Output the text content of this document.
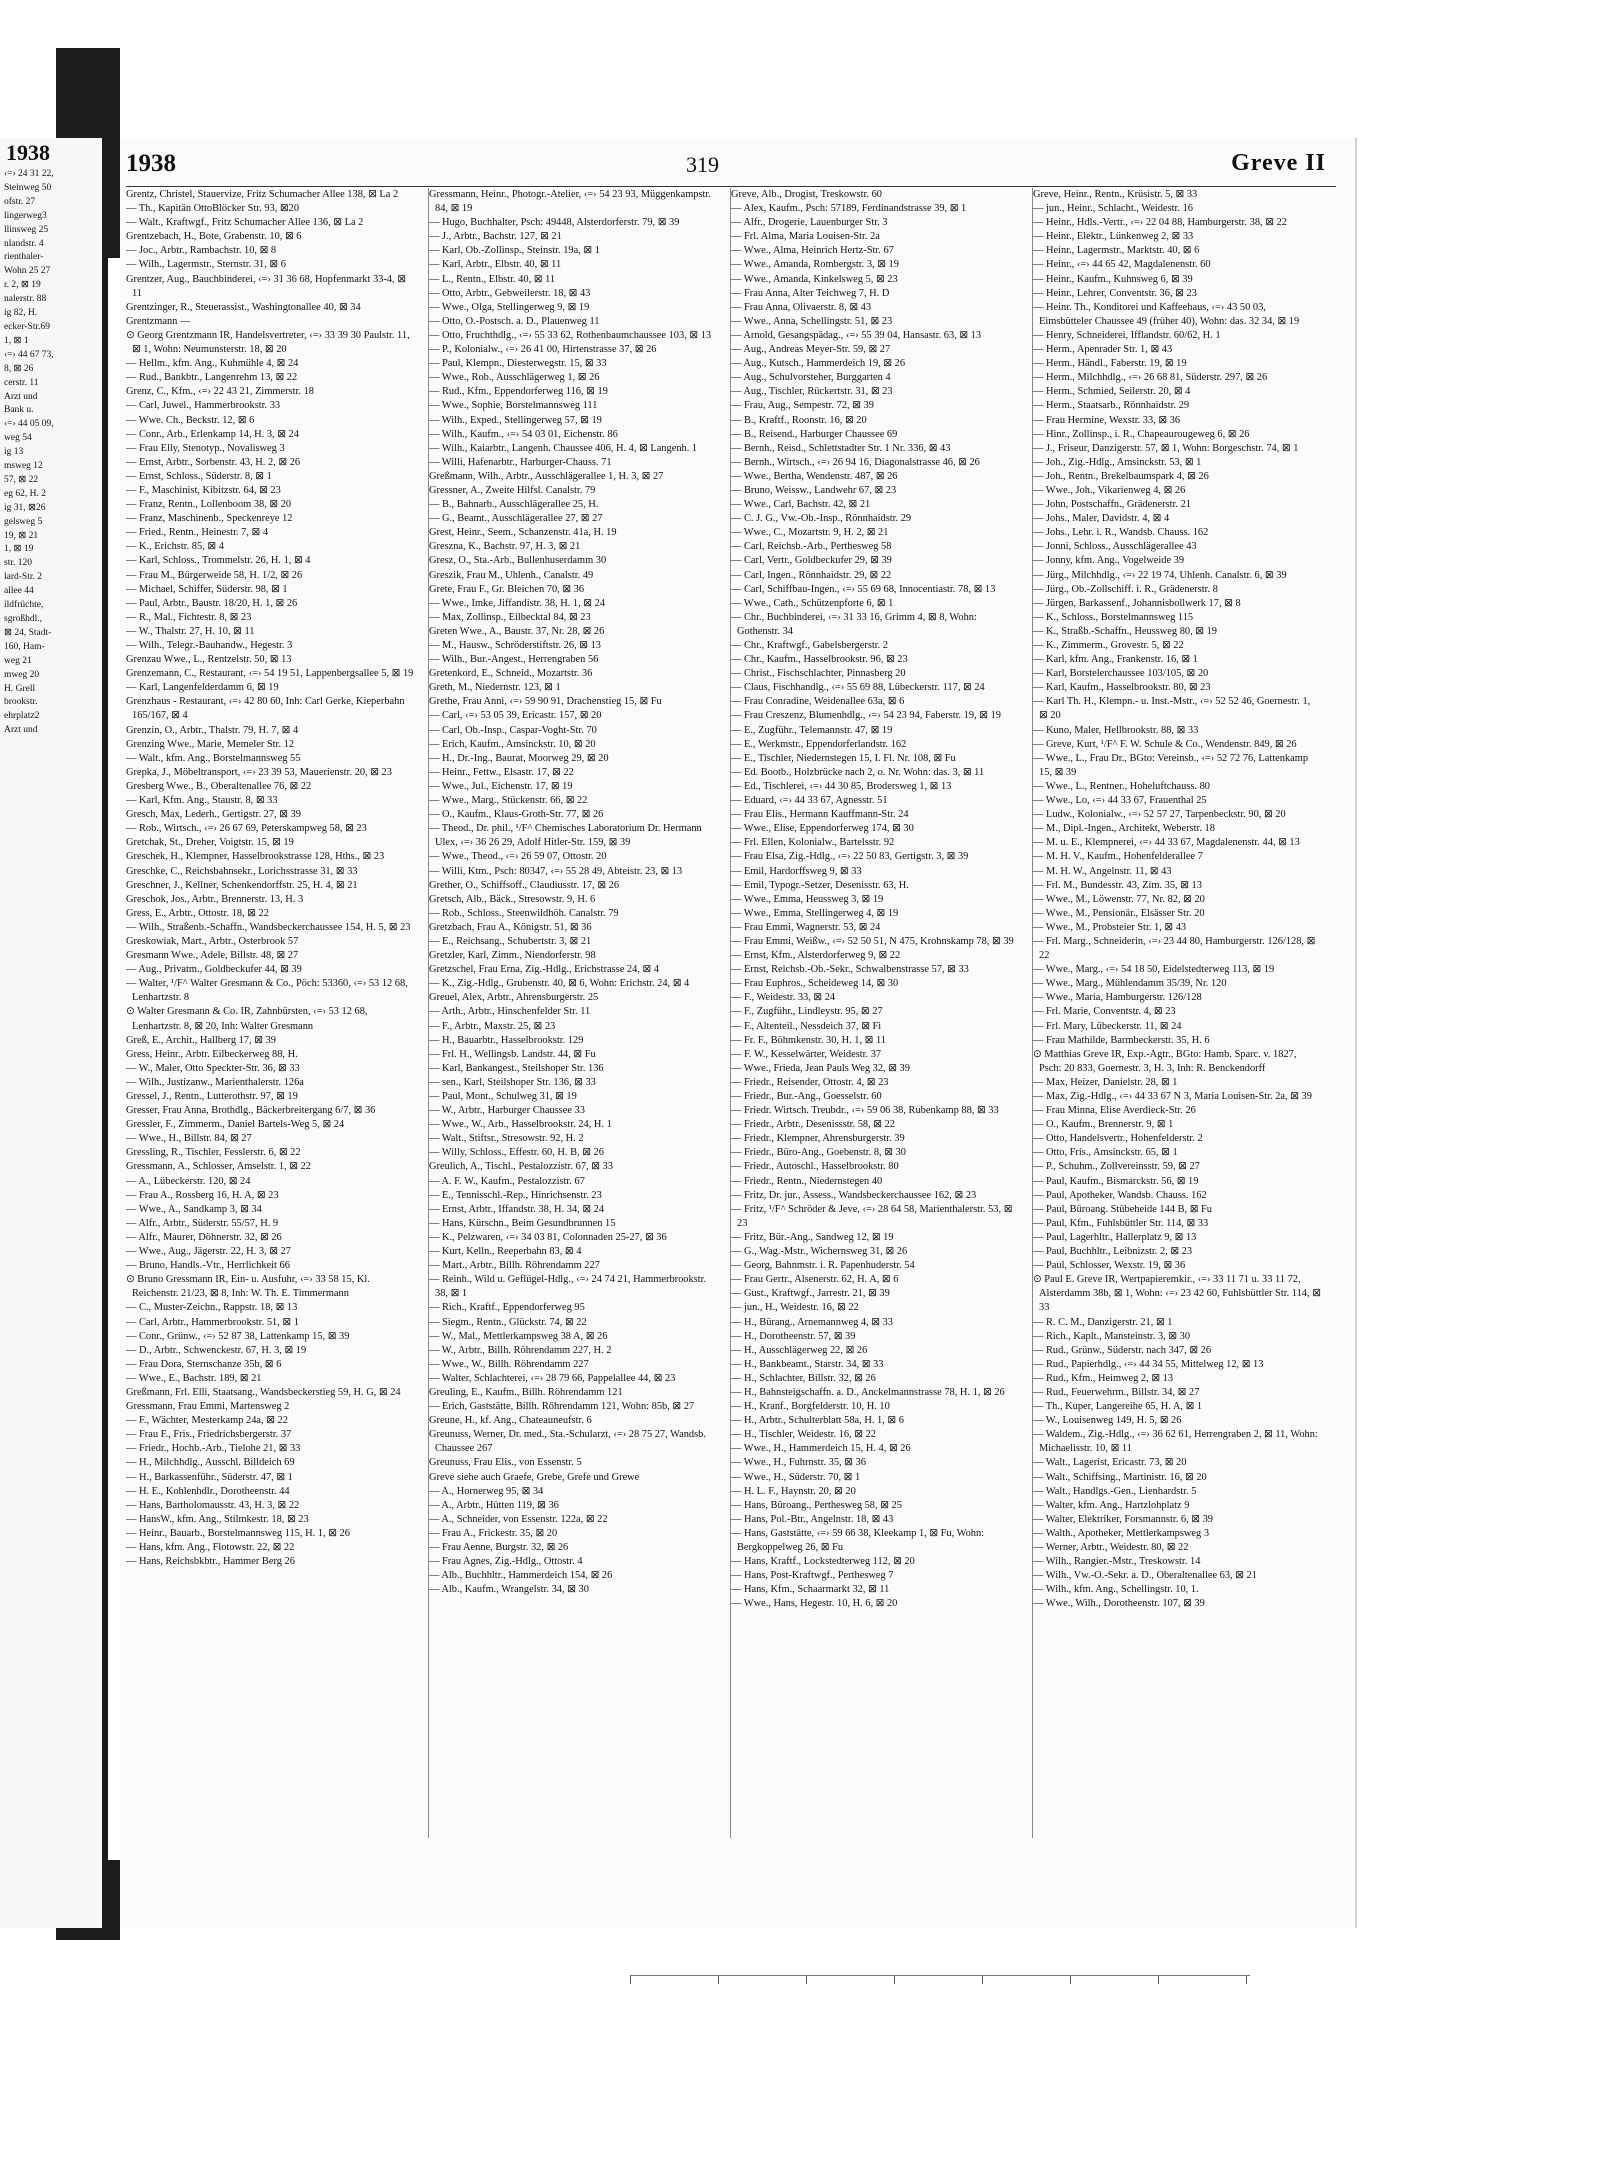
1938
‹=› 24 31 22,
Steinweg 50
ofstr. 27
lingerweg3
llinsweg 25
nlandstr. 4
rienthaler-
Wohn 25 27
r. 2, ⊠ 19
nalerstr. 88
ig 82, H.
ecker-Str.69
1, ⊠ 1
‹=› 44 67 73,
8, ⊠ 26
cerstr. 11
Arzt und
Bank u.
‹=› 44 05 09,
weg 54
ig 13
msweg 12
57, ⊠ 22
eg 62, H. 2
ig 31, ⊠26
gelsweg 5
19, ⊠ 21
1, ⊠ 19
str. 120
lard-Str. 2
allee 44
ildfrüchte,
sgroßhdl.,
⊠ 24, Stadt-
160, Ham-
weg 21
mweg 20
H. Grell
brookstr.
ehrplatz2
Arzt und
1938	319	Greve II
Grentz, Christel, Stauervize, Fritz Schumacher Allee 138, ⊠ La 2
— Th., Kapitän OttoBlöcker Str. 93, ⊠20
— Walt., Kraftwgf., Fritz Schumacher Allee 136, ⊠ La 2
Grentzebach, H., Bote, Grabenstr. 10, ⊠ 6
— Joc., Arbtr., Rambachstr. 10, ⊠ 8
— Wilh., Lagermstr., Sternstr. 31, ⊠ 6
Grentzer, Aug., Bauchbinderei, ‹=› 31 36 68, Hopfenmarkt 33-4, ⊠ 11
Grentzinger, R., Steuerassist., Washingtonallee 40, ⊠ 34
Grentzmann —
⊙ Georg Grentzmann IR, Handelsvertreter, ‹=› 33 39 30 Paulstr. 11, ⊠ 1, Wohn: Neumunsterstr. 18, ⊠ 20
— Hellm., kfm. Ang., Kuhmühle 4, ⊠ 24
— Rud., Bankbtr., Langenrehm 13, ⊠ 22
Grenz, C., Kfm., ‹=› 22 43 21, Zimmerstr. 18
— Carl, Juwel., Hammerbrookstr. 33
— Wwe. Ch., Beckstr. 12, ⊠ 6
— Conr., Arb., Erlenkamp 14, H. 3, ⊠ 24
— Frau Elly, Stenotyp., Novalisweg 3
— Ernst, Arbtr., Sorbenstr. 43, H. 2, ⊠ 26
— Ernst, Schloss., Süderstr. 8, ⊠ 1
— F., Maschinist, Kibitzstr. 64, ⊠ 23
— Franz, Rentn., Lollenboom 38, ⊠ 20
— Franz, Maschinenb., Speckenreye 12
— Fried., Rentn., Heinestr. 7, ⊠ 4
— K., Erichstr. 85, ⊠ 4
— Karl, Schloss., Trommelstr. 26, H. 1, ⊠ 4
— Frau M., Bürgerweide 58, H. 1/2, ⊠ 26
— Michael, Schiffer, Süderstr. 98, ⊠ 1
— Paul, Arbtr., Baustr. 18/20, H. 1, ⊠ 26
— R., Mal., Fichtestr. 8, ⊠ 23
— W., Thalstr. 27, H. 10, ⊠ 11
— Wilh., Telegr.-Bauhandw., Hegestr. 3
Grenzau Wwe., L., Rentzelstr. 50, ⊠ 13
Grenzemann, C., Restaurant, ‹=› 54 19 51, Lappenbergsallee 5, ⊠ 19
— Karl, Langenfelderdamm 6, ⊠ 19
Grenzhaus - Restaurant, ‹=› 42 80 60, Inh: Carl Gerke, Kieperbahn 165/167, ⊠ 4
Grenzin, O., Arbtr., Thalstr. 79, H. 7, ⊠ 4
Grenzing Wwe., Marie, Memeler Str. 12
— Walt., kfm. Ang., Borstelmannsweg 55
Grepka, J., Möbeltransport, ‹=› 23 39 53, Mauerienstr. 20, ⊠ 23
Gresberg Wwe., B., Oberaltenallee 76, ⊠ 22
— Karl, Kfm. Ang., Staustr. 8, ⊠ 33
Gresch, Max, Lederh., Gertigstr. 27, ⊠ 39
— Rob., Wirtsch., ‹=› 26 67 69, Peterskampweg 58, ⊠ 23
Gretchak, St., Dreher, Voigtstr. 15, ⊠ 19
Greschek, H., Klempner, Hasselbrookstrasse 128, Hths., ⊠ 23
Greschke, C., Reichsbahnsekr., Lorichsstrasse 31, ⊠ 33
Greschner, J., Kellner, Schenkendorffstr. 25, H. 4, ⊠ 21
Greschok, Jos., Arbtr., Brennerstr. 13, H. 3
Gress, E., Arbtr., Ottostr. 18, ⊠ 22
— Wilh., Straßenb.-Schaffn., Wandsbeckerchaussee 154, H. 5, ⊠ 23
Greskowiak, Mart., Arbtr., Osterbrook 57
Gresmann Wwe., Adele, Billstr. 48, ⊠ 27
— Aug., Privatm., Goldbeckufer 44, ⊠ 39
— Walter, ¹/F^ Walter Gresmann & Co., Pöch: 53360, ‹=› 53 12 68, Lenhartzstr. 8
⊙ Walter Gresmann & Co. IR, Zahnbürsten, ‹=› 53 12 68, Lenhartzstr. 8, ⊠ 20, Inh: Walter Gresmann
Greß, E., Archit., Hallberg 17, ⊠ 39
Gress, Heinr., Arbtr. Eilbeckerweg 88, H.
— W., Maler, Otto Speckter-Str. 36, ⊠ 33
— Wilh., Justizanw., Marienthalerstr. 126a
Gressel, J., Rentn., Lutterothstr. 97, ⊠ 19
Gresser, Frau Anna, Brothdlg., Bäckerbreitergang 6/7, ⊠ 36
Gressler, F., Zimmerm., Daniel Bartels-Weg 5, ⊠ 24
— Wwe., H., Billstr. 84, ⊠ 27
Gressling, R., Tischler, Fesslerstr. 6, ⊠ 22
Gressmann, A., Schlosser, Amselstr. 1, ⊠ 22
— A., Lübeckerstr. 120, ⊠ 24
— Frau A., Rossberg 16, H. A, ⊠ 23
— Wwe., A., Sandkamp 3, ⊠ 34
— Alfr., Arbtr., Süderstr. 55/57, H. 9
— Alfr., Maurer, Döhnerstr. 32, ⊠ 26
— Wwe., Aug., Jägerstr. 22, H. 3, ⊠ 27
— Bruno, Handls.-Vtr., Herrlichkeit 66
⊙ Bruno Gressmann IR, Ein- u. Ausfuhr, ‹=› 33 58 15, Kl. Reichenstr. 21/23, ⊠ 8, Inh: W. Th. E. Timmermann
— C., Muster-Zeichn., Rappstr. 18, ⊠ 13
— Carl, Arbtr., Hammerbrookstr. 51, ⊠ 1
— Conr., Grünw., ‹=› 52 87 38, Lattenkamp 15, ⊠ 39
— D., Arbtr., Schwenckestr. 67, H. 3, ⊠ 19
— Frau Dora, Sternschanze 35b, ⊠ 6
— Wwe., E., Bachstr. 189, ⊠ 21
Greßmann, Frl. Elli, Staatsang., Wandsbeckerstieg 59, H. G, ⊠ 24
Gressmann, Frau Emmi, Martensweg 2
— F., Wächter, Mesterkamp 24a, ⊠ 22
— Frau F., Fris., Friedrichsbergerstr. 37
— Friedr., Hochb.-Arb., Tielohe 21, ⊠ 33
— H., Milchhdlg., Ausschl. Billdeich 69
— H., Barkassenführ., Süderstr. 47, ⊠ 1
— H. E., Kohlenhdlr., Dorotheenstr. 44
— Hans, Bartholomausstr. 43, H. 3, ⊠ 22
— HansW., kfm. Ang., Stilmkestr. 18, ⊠ 23
— Heinr., Bauarb., Borstelmannsweg 115, H. 1, ⊠ 26
— Hans, kfm. Ang., Flotowstr. 22, ⊠ 22
— Hans, Reichsbkbtr., Hammer Berg 26
Gressmann, Heinr., Photogr.-Atelier, ‹=› 54 23 93, Müggenkampstr. 84, ⊠ 19
— Hugo, Buchhalter, Psch: 49448, Alsterdorferstr. 79, ⊠ 39
— J., Arbtr., Bachstr. 127, ⊠ 21
— Karl, Ob.-Zollinsp., Steinstr. 19a, ⊠ 1
— Karl, Arbtr., Elbstr. 40, ⊠ 11
— L., Rentn., Elbstr. 40, ⊠ 11
— Otto, Arbtr., Gebweilerstr. 18, ⊠ 43
— Wwe., Olga, Stellingerweg 9, ⊠ 19
— Otto, O.-Postsch. a. D., Plauenweg 11
— Otto, Fruchthdlg., ‹=› 55 33 62, Rothenbaumchaussee 103, ⊠ 13
— P., Kolonialw., ‹=› 26 41 00, Hirtenstrasse 37, ⊠ 26
— Paul, Klempn., Diesterwegstr. 15, ⊠ 33
— Wwe., Rob., Ausschlägerweg 1, ⊠ 26
— Rud., Kfm., Eppendorferweg 116, ⊠ 19
— Wwe., Sophie, Borstelmannsweg 111
— Wilh., Exped., Stellingerweg 57, ⊠ 19
— Wilh., Kaufm., ‹=› 54 03 01, Eichenstr. 86
— Wilh., Kaiarbtr., Langenh. Chaussee 406, H. 4, ⊠ Langenh. 1
— Willi, Hafenarbtr., Harburger-Chauss. 71
Greßmann, Wilh., Arbtr., Ausschlägerallee 1, H. 3, ⊠ 27
Gressner, A., Zweite Hilfsl. Canalstr. 79
— B., Bahnarb., Ausschlägerallee 25, H.
— G., Beamt., Ausschlägerallee 27, ⊠ 27
Grest, Heinr., Seem., Schanzenstr. 41a, H. 19
Greszna, K., Bachstr. 97, H. 3, ⊠ 21
Gresz, O., Sta.-Arb., Bullenhuserdamm 30
Greszik, Frau M., Uhlenh., Canalstr. 49
Grete, Frau F., Gr. Bleichen 70, ⊠ 36
— Wwe., Imke, Jiffandistr. 38, H. 1, ⊠ 24
— Max, Zollinsp., Eilbecktal 84, ⊠ 23
Greten Wwe., A., Baustr. 37, Nr. 28, ⊠ 26
— M., Hausw., Schröderstiftstr. 26, ⊠ 13
— Wilh., Bur.-Angest., Herrengraben 56
Gretenkord, E., Schneid., Mozartstr. 36
Greth, M., Niedernstr. 123, ⊠ 1
Grethe, Frau Anni, ‹=› 59 90 91, Drachenstieg 15, ⊠ Fu
— Carl, ‹=› 53 05 39, Ericastr. 157, ⊠ 20
— Carl, Ob.-Insp., Caspar-Voght-Str. 70
— Erich, Kaufm., Amsinckstr. 10, ⊠ 20
— H., Dr.-Ing., Baurat, Moorweg 29, ⊠ 20
— Heinr., Fettw., Elsastr. 17, ⊠ 22
— Wwe., Jul., Eichenstr. 17, ⊠ 19
— Wwe., Marg., Stückenstr. 66, ⊠ 22
— O., Kaufm., Klaus-Groth-Str. 77, ⊠ 26
— Theod., Dr. phil., ¹/F^ Chemisches Laboratorium Dr. Hermann Ulex, ‹=› 36 26 29, Adolf Hitler-Str. 159, ⊠ 39
— Wwe., Theod., ‹=› 26 59 07, Ottostr. 20
— Willi, Ktm., Psch: 80347, ‹=› 55 28 49, Abteistr. 23, ⊠ 13
Grether, O., Schiffsoff., Claudiusstr. 17, ⊠ 26
Gretsch, Alb., Bäck., Stresowstr. 9, H. 6
— Rob., Schloss., Steenwildhöh. Canalstr. 79
Gretzbach, Frau A., Königstr. 51, ⊠ 36
— E., Reichsang., Schubertstr. 3, ⊠ 21
Gretzler, Karl, Zimm., Niendorferstr. 98
Gretzschel, Frau Erna, Zig.-Hdlg., Erichstrasse 24, ⊠ 4
— K., Zig.-Hdlg., Grubenstr. 40, ⊠ 6, Wohn: Erichstr. 24, ⊠ 4
Greuel, Alex, Arbtr., Ahrensburgerstr. 25
— Arth., Arbtr., Hinschenfelder Str. 11
— F., Arbtr., Maxstr. 25, ⊠ 23
— H., Bauarbtr., Hasselbrookstr. 129
— Frl. H., Wellingsb. Landstr. 44, ⊠ Fu
— Karl, Bankangest., Steilshoper Str. 136
— sen., Karl, Steilshoper Str. 136, ⊠ 33
— Paul, Mont., Schulweg 31, ⊠ 19
— W., Arbtr., Harburger Chaussee 33
— Wwe., W., Arb., Hasselbrookstr. 24, H. 1
— Walt., Stiftsr., Stresowstr. 92, H. 2
— Willy, Schloss., Effestr. 60, H. B, ⊠ 26
Greulich, A., Tischl., Pestalozzistr. 67, ⊠ 33
— A. F. W., Kaufm., Pestalozzistr. 67
— E., Tennisschl.-Rep., Hinrichsenstr. 23
— Ernst, Arbtr., Iffandstr. 38, H. 34, ⊠ 24
— Hans, Kürschn., Beim Gesundbrunnen 15
— K., Pelzwaren, ‹=› 34 03 81, Colonnaden 25-27, ⊠ 36
— Kurt, Kelln., Reeperbahn 83, ⊠ 4
— Mart., Arbtr., Billh. Röhrendamm 227
— Reinh., Wild u. Geflügel-Hdlg., ‹=› 24 74 21, Hammerbrookstr. 38, ⊠ 1
— Rich., Kraftf., Eppendorferweg 95
— Siegm., Rentn., Glückstr. 74, ⊠ 22
— W., Mal., Mettlerkampsweg 38 A, ⊠ 26
— W., Arbtr., Billh. Röhrendamm 227, H. 2
— Wwe., W., Billh. Röhrendamm 227
— Walter, Schlachterei, ‹=› 28 79 66, Pappelallee 44, ⊠ 23
Greuling, E., Kaufm., Billh. Röhrendamm 121
— Erich, Gaststätte, Billh. Röhrendamm 121, Wohn: 85b, ⊠ 27
Greune, H., kf. Ang., Chateauneufstr. 6
Greunuss, Werner, Dr. med., Sta.-Schularzt, ‹=› 28 75 27, Wandsb. Chaussee 267
Greunuss, Frau Elis., von Essenstr. 5
Greve siehe auch Graefe, Grebe, Grefe und Grewe
— A., Hornerweg 95, ⊠ 34
— A., Arbtr., Hütten 119, ⊠ 36
— A., Schneider, von Essenstr. 122a, ⊠ 22
— Frau A., Frickestr. 35, ⊠ 20
— Frau Aenne, Burgstr. 32, ⊠ 26
— Frau Agnes, Zig.-Hdlg., Ottostr. 4
— Alb., Buchhltr., Hammerdeich 154, ⊠ 26
— Alb., Kaufm., Wrangelstr. 34, ⊠ 30
Greve, Alb., Drogist, Treskowstr. 60
— Alex, Kaufm., Psch: 57189, Ferdinandstrasse 39, ⊠ 1
— Alfr., Drogerie, Lauenburger Str. 3
— Frl. Alma, Maria Louisen-Str. 2a
— Wwe., Alma, Heinrich Hertz-Str. 67
— Wwe., Amanda, Rombergstr. 3, ⊠ 19
— Wwe., Amanda, Kinkelsweg 5, ⊠ 23
— Frau Anna, Alter Teichweg 7, H. D
— Frau Anna, Olivaerstr. 8, ⊠ 43
— Wwe., Anna, Schellingstr. 51, ⊠ 23
— Arnold, Gesangspädag., ‹=› 55 39 04, Hansastr. 63, ⊠ 13
— Aug., Andreas Meyer-Str. 59, ⊠ 27
— Aug., Kutsch., Hammerdeich 19, ⊠ 26
— Aug., Schulvorsteher, Burggarten 4
— Aug., Tischler, Rückertstr. 31, ⊠ 23
— Frau, Aug., Sempestr. 72, ⊠ 39
— B., Kraftf., Roonstr. 16, ⊠ 20
— B., Reisend., Harburger Chaussee 69
— Bernh., Reisd., Schlettstadter Str. 1 Nr. 336, ⊠ 43
— Bernh., Wirtsch., ‹=› 26 94 16, Diagonalstrasse 46, ⊠ 26
— Wwe., Bertha, Wendenstr. 487, ⊠ 26
— Bruno, Weissw., Landwehr 67, ⊠ 23
— Wwe., Carl, Bachstr. 42, ⊠ 21
— C. J. G., Vw.-Ob.-Insp., Rönnhaidstr. 29
— Wwe., C., Mozartstr. 9, H. 2, ⊠ 21
— Carl, Reichsb.-Arb., Perthesweg 58
— Carl, Vertr., Goldbeckufer 29, ⊠ 39
— Carl, Ingen., Rönnhaidstr. 29, ⊠ 22
— Carl, Schiffbau-Ingen., ‹=› 55 69 68, Innocentiastr. 78, ⊠ 13
— Wwe., Cath., Schützenpforte 6, ⊠ 1
— Chr., Buchbinderei, ‹=› 31 33 16, Grimm 4, ⊠ 8, Wohn: Gothenstr. 34
— Chr., Kraftwgf., Gabelsbergerstr. 2
— Chr., Kaufm., Hasselbrookstr. 96, ⊠ 23
— Christ., Fischschlachter, Pinnasberg 20
— Claus, Fischhandlg., ‹=› 55 69 88, Lübeckerstr. 117, ⊠ 24
— Frau Conradine, Weidenallee 63a, ⊠ 6
— Frau Creszenz, Blumenhdlg., ‹=› 54 23 94, Faberstr. 19, ⊠ 19
— E., Zugführ., Telemannstr. 47, ⊠ 19
— E., Werkmstr., Eppendorferlandstr. 162
— E., Tischler, Niedernstegen 15, I. Fl. Nr. 108, ⊠ Fu
— Ed. Bootb., Holzbrücke nach 2, o. Nr. Wohn: das. 3, ⊠ 11
— Ed., Tischlerei, ‹=› 44 30 85, Brodersweg 1, ⊠ 13
— Eduard, ‹=› 44 33 67, Agnesstr. 51
— Frau Elis., Hermann Kauffmann-Str. 24
— Wwe., Elise, Eppendorferweg 174, ⊠ 30
— Frl. Ellen, Kolonialw., Bartelsstr. 92
— Frau Elsa, Zig.-Hdlg., ‹=› 22 50 83, Gertigstr. 3, ⊠ 39
— Emil, Hardorffsweg 9, ⊠ 33
— Emil, Typogr.-Setzer, Desenisstr. 63, H.
— Wwe., Emma, Heussweg 3, ⊠ 19
— Wwe., Emma, Stellingerweg 4, ⊠ 19
— Frau Emmi, Wagnerstr. 53, ⊠ 24
— Frau Emmi, Weißw., ‹=› 52 50 51, N 475, Krohnskamp 78, ⊠ 39
— Ernst, Kfm., Alsterdorferweg 9, ⊠ 22
— Ernst, Reichsb.-Ob.-Sekr., Schwalbenstrasse 57, ⊠ 33
— Frau Euphros., Scheideweg 14, ⊠ 30
— F., Weidestr. 33, ⊠ 24
— F., Zugführ., Lindleystr. 95, ⊠ 27
— F., Altenteil., Nessdeich 37, ⊠ Fi
— Fr. F., Böhmkenstr. 30, H. 1, ⊠ 11
— F. W., Kesselwärter, Weidestr. 37
— Wwe., Frieda, Jean Pauls Weg 32, ⊠ 39
— Friedr., Reisender, Ottostr. 4, ⊠ 23
— Friedr., Bur.-Ang., Goesselstr. 60
— Friedr. Wirtsch. Treubdr., ‹=› 59 06 38, Rubenkamp 88, ⊠ 33
— Friedr., Arbtr., Desenissstr. 58, ⊠ 22
— Friedr., Klempner, Ahrensburgerstr. 39
— Friedr., Büro-Ang., Goebenstr. 8, ⊠ 30
— Friedr., Autoschl., Hasselbrookstr. 80
— Friedr., Rentn., Niedernstegen 40
— Fritz, Dr. jur., Assess., Wandsbeckerchaussee 162, ⊠ 23
— Fritz, ¹/F^ Schröder & Jeve, ‹=› 28 64 58, Marienthalerstr. 53, ⊠ 23
— Fritz, Bür.-Ang., Sandweg 12, ⊠ 19
— G., Wag.-Mstr., Wichernsweg 31, ⊠ 26
— Georg, Bahnmstr. i. R. Papenhuderstr. 54
— Frau Gertr., Alsenerstr. 62, H. A, ⊠ 6
— Gust., Kraftwgf., Jarrestr. 21, ⊠ 39
— jun., H., Weidestr. 16, ⊠ 22
— H., Bürang., Arnemannweg 4, ⊠ 33
— H., Dorotheenstr. 57, ⊠ 39
— H., Ausschlägerweg 22, ⊠ 26
— H., Bankbeamt., Starstr. 34, ⊠ 33
— H., Schlachter, Billstr. 32, ⊠ 26
— H., Bahnsteigschaffn. a. D., Anckelmannstrasse 78, H. 1, ⊠ 26
— H., Kranf., Borgfelderstr. 10, H. 10
— H., Arbtr., Schulterblatt 58a, H. 1, ⊠ 6
— H., Tischler, Weidestr. 16, ⊠ 22
— Wwe., H., Hammerdeich 15, H. 4, ⊠ 26
— Wwe., H., Fuhrnstr. 35, ⊠ 36
— Wwe., H., Süderstr. 70, ⊠ 1
— H. L. F., Haynstr. 20, ⊠ 20
— Hans, Büroang., Perthesweg 58, ⊠ 25
— Hans, Pol.-Btr., Angelnstr. 18, ⊠ 43
— Hans, Gaststätte, ‹=› 59 66 38, Kleekamp 1, ⊠ Fu, Wohn: Bergkoppelweg 26, ⊠ Fu
— Hans, Kraftf., Lockstedterweg 112, ⊠ 20
— Hans, Post-Kraftwgf., Perthesweg 7
— Hans, Kfm., Schaarmarkt 32, ⊠ 11
— Wwe., Hans, Hegestr. 10, H. 6, ⊠ 20
Greve, Heinr., Rentn., Krüsistr. 5, ⊠ 33
— jun., Heinr., Schlacht., Weidestr. 16
— Heinr., Hdls.-Vertr., ‹=› 22 04 88, Hamburgerstr. 38, ⊠ 22
— Heinr., Elektr., Lünkenweg 2, ⊠ 33
— Heinr., Lagermstr., Marktstr. 40, ⊠ 6
— Heinr., ‹=› 44 65 42, Magdalenenstr. 60
— Heinr., Kaufm., Kuhnsweg 6, ⊠ 39
— Heinr., Lehrer, Conventstr. 36, ⊠ 23
— Heinr. Th., Konditorei und Kaffeehaus, ‹=› 43 50 03, Eimsbütteler Chaussee 49 (früher 40), Wohn: das. 32 34, ⊠ 19
— Henry, Schneiderei, Ifflandstr. 60/62, H. 1
— Herm., Apenrader Str. 1, ⊠ 43
— Herm., Händl., Faberstr. 19, ⊠ 19
— Herm., Milchhdlg., ‹=› 26 68 81, Süderstr. 297, ⊠ 26
— Herm., Schmied, Seilerstr. 20, ⊠ 4
— Herm., Staatsarb., Rönnhaidstr. 29
— Frau Hermine, Wexstr. 33, ⊠ 36
— Hinr., Zollinsp., i. R., Chapeaurougeweg 6, ⊠ 26
— J., Friseur, Danzigerstr. 57, ⊠ 1, Wohn: Borgeschstr. 74, ⊠ 1
— Joh., Zig.-Hdlg., Amsinckstr. 53, ⊠ 1
— Joh., Rentn., Brekelbaumspark 4, ⊠ 26
— Wwe., Joh., Vikarienweg 4, ⊠ 26
— John, Postschaffn., Grädenerstr. 21
— Johs., Maler, Davidstr. 4, ⊠ 4
— Johs., Lehr. i. R., Wandsb. Chauss. 162
— Jonni, Schloss., Ausschlägerallee 43
— Jonny, kfm. Ang., Vogelweide 39
— Jürg., Milchhdlg., ‹=› 22 19 74, Uhlenh. Canalstr. 6, ⊠ 39
— Jürg., Ob.-Zollschiff. i. R., Grädenerstr. 8
— Jürgen, Barkassenf., Johannisbollwerk 17, ⊠ 8
— K., Schloss., Borstelmannsweg 115
— K., Straßb.-Schaffn., Heussweg 80, ⊠ 19
— K., Zimmerm., Grovestr. 5, ⊠ 22
— Karl, kfm. Ang., Frankenstr. 16, ⊠ 1
— Karl, Borstelerchaussee 103/105, ⊠ 20
— Karl, Kaufm., Hasselbrookstr. 80, ⊠ 23
— Karl Th. H., Klempn.- u. Inst.-Mstr., ‹=› 52 52 46, Goernestr. 1, ⊠ 20
— Kuno, Maler, Hellbrookstr. 88, ⊠ 33
— Greve, Kurt, ¹/F^ F. W. Schule & Co., Wendenstr. 849, ⊠ 26
— Wwe., L., Frau Dr., BGto: Vereinsb., ‹=› 52 72 76, Lattenkamp 15, ⊠ 39
— Wwe., L., Rentner., Hoheluftchauss. 80
— Wwe., Lo, ‹=› 44 33 67, Frauenthal 25
— Ludw., Kolonialw., ‹=› 52 57 27, Tarpenbeckstr. 90, ⊠ 20
— M., Dipl.-Ingen., Architekt, Weberstr. 18
— M. u. E., Klempnerei, ‹=› 44 33 67, Magdalenenstr. 44, ⊠ 13
— M. H. V., Kaufm., Hohenfelderallee 7
— M. H. W., Angelnstr. 11, ⊠ 43
— Frl. M., Bundesstr. 43, Zim. 35, ⊠ 13
— Wwe., M., Löwenstr. 77, Nr. 82, ⊠ 20
— Wwe., M., Pensionär., Elsässer Str. 20
— Wwe., M., Probsteier Str. 1, ⊠ 43
— Frl. Marg., Schneiderin, ‹=› 23 44 80, Hamburgerstr. 126/128, ⊠ 22
— Wwe., Marg., ‹=› 54 18 50, Eidelstedterweg 113, ⊠ 19
— Wwe., Marg., Mühlendamm 35/39, Nr. 120
— Wwe., Maria, Hamburgerstr. 126/128
— Frl. Marie, Conventstr. 4, ⊠ 23
— Frl. Mary, Lübeckerstr. 11, ⊠ 24
— Frau Mathilde, Barmbeckerstr. 35, H. 6
⊙ Matthias Greve IR, Exp.-Agtr., BGto: Hamb. Sparc. v. 1827, Psch: 20 833, Goernestr. 3, H. 3, Inh: R. Benckendorff
— Max, Heizer, Danielstr. 28, ⊠ 1
— Max, Zig.-Hdlg., ‹=› 44 33 67 N 3, Maria Louisen-Str. 2a, ⊠ 39
— Frau Minna, Elise Averdieck-Str. 26
— O., Kaufm., Brennerstr. 9, ⊠ 1
— Otto, Handelsvertr., Hohenfelderstr. 2
— Otto, Fris., Amsinckstr. 65, ⊠ 1
— P., Schuhm., Zollvereinsstr. 59, ⊠ 27
— Paul, Kaufm., Bismarckstr. 56, ⊠ 19
— Paul, Apotheker, Wandsb. Chauss. 162
— Paul, Büroang. Stübeheide 144 B, ⊠ Fu
— Paul, Kfm., Fuhlsbüttler Str. 114, ⊠ 33
— Paul, Lagerhltr., Hallerplatz 9, ⊠ 13
— Paul, Buchhltr., Leibnizstr. 2, ⊠ 23
— Paul, Schlosser, Wexstr. 19, ⊠ 36
⊙ Paul E. Greve IR, Wertpapieremkir., ‹=› 33 11 71 u. 33 11 72, Alsterdamm 38b, ⊠ 1, Wohn: ‹=› 23 42 60, Fuhlsbüttler Str. 114, ⊠ 33
— R. C. M., Danzigerstr. 21, ⊠ 1
— Rich., Kaplt., Mansteinstr. 3, ⊠ 30
— Rud., Grünw., Süderstr. nach 347, ⊠ 26
— Rud., Papierhdlg., ‹=› 44 34 55, Mittelweg 12, ⊠ 13
— Rud., Kfm., Heimweg 2, ⊠ 13
— Rud., Feuerwehrm., Billstr. 34, ⊠ 27
— Th., Kuper, Langereihe 65, H. A, ⊠ 1
— W., Louisenweg 149, H. 5, ⊠ 26
— Waldem., Zig.-Hdlg., ‹=› 36 62 61, Herrengraben 2, ⊠ 11, Wohn: Michaelisstr. 10, ⊠ 11
— Walt., Lagerist, Ericastr. 73, ⊠ 20
— Walt., Schiffsing., Martinistr. 16, ⊠ 20
— Walt., Handlgs.-Gen., Lienhardstr. 5
— Walter, kfm. Ang., Hartzlohplatz 9
— Walter, Elektriker, Forsmannstr. 6, ⊠ 39
— Walth., Apotheker, Mettlerkampsweg 3
— Werner, Arbtr., Weidestr. 80, ⊠ 22
— Wilh., Rangier.-Mstr., Treskowstr. 14
— Wilh., Vw.-O.-Sekr. a. D., Oberaltenallee 63, ⊠ 21
— Wilh., kfm. Ang., Schellingstr. 10, 1.
— Wwe., Wilh., Dorotheenstr. 107, ⊠ 39
